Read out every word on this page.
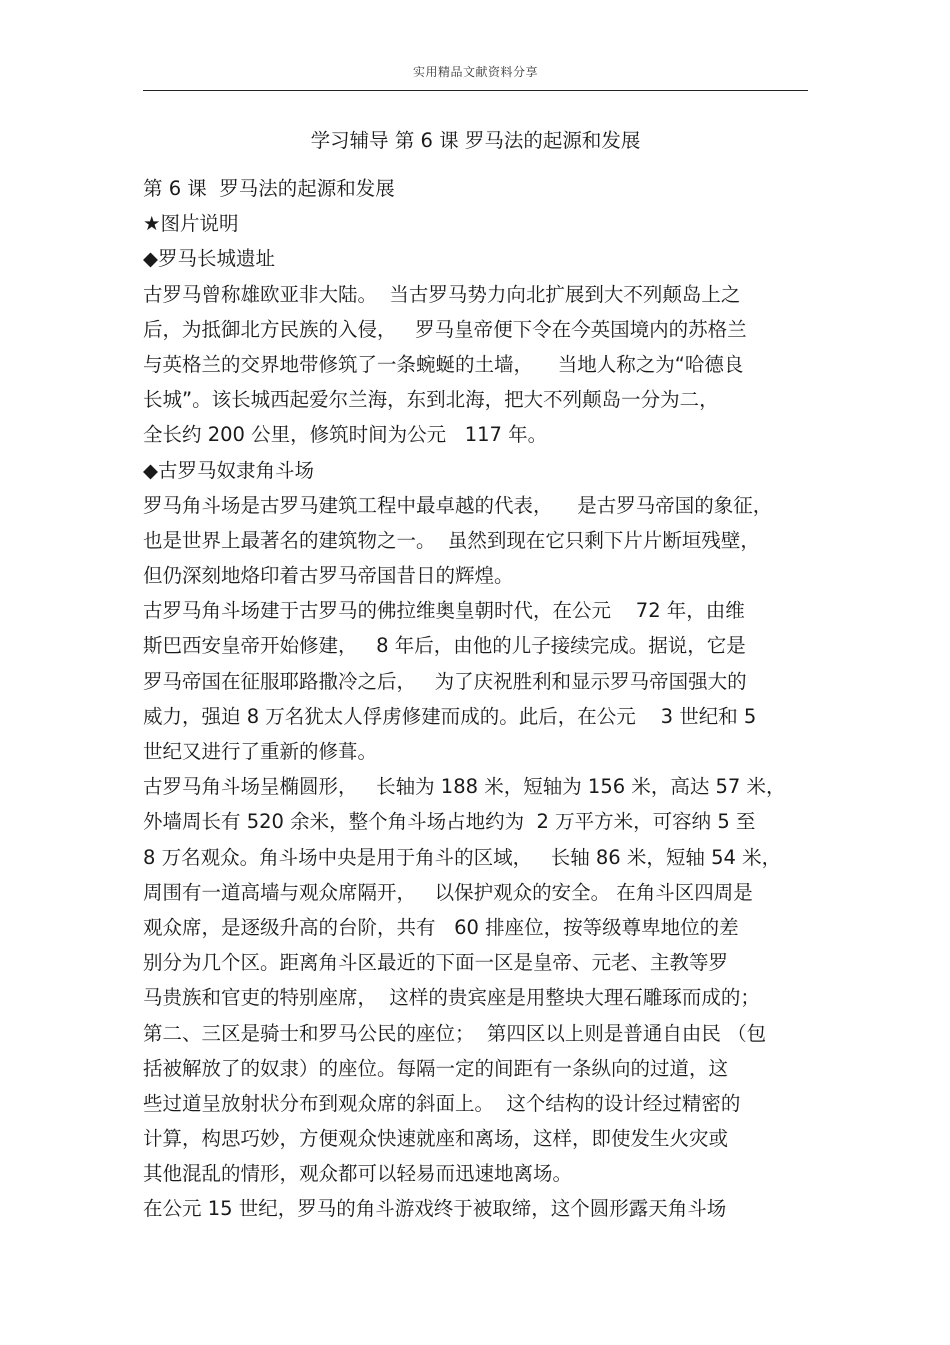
实用精品文献资料分享
学习辅导 第 6 课 罗马法的起源和发展
第 6 课  罗马法的起源和发展
★图片说明
◆罗马长城遗址
古罗马曾称雄欧亚非大陆。  当古罗马势力向北扩展到大不列颠岛上之
后，为抵御北方民族的入侵，   罗马皇帝便下令在今英国境内的苏格兰
与英格兰的交界地带修筑了一条蜿蜒的土墙，    当地人称之为“哈德良
长城”。该长城西起爱尔兰海，东到北海，把大不列颠岛一分为二，
全长约 200 公里，修筑时间为公元   117 年。
◆古罗马奴隶角斗场
罗马角斗场是古罗马建筑工程中最卓越的代表，    是古罗马帝国的象征，
也是世界上最著名的建筑物之一。  虽然到现在它只剩下片片断垣残壁，
但仍深刻地烙印着古罗马帝国昔日的辉煌。
古罗马角斗场建于古罗马的佛拉维奥皇朝时代，在公元    72 年，由维
斯巴西安皇帝开始修建，   8 年后，由他的儿子接续完成。据说，它是
罗马帝国在征服耶路撒冷之后，   为了庆祝胜利和显示罗马帝国强大的
威力，强迫 8 万名犹太人俘虏修建而成的。此后，在公元    3 世纪和 5
世纪又进行了重新的修葺。
古罗马角斗场呈椭圆形，   长轴为 188 米，短轴为 156 米，高达 57 米，
外墙周长有 520 余米，整个角斗场占地约为  2 万平方米，可容纳 5 至
8 万名观众。角斗场中央是用于角斗的区域，   长轴 86 米，短轴 54 米，
周围有一道高墙与观众席隔开，   以保护观众的安全。 在角斗区四周是
观众席，是逐级升高的台阶，共有   60 排座位，按等级尊卑地位的差
别分为几个区。距离角斗区最近的下面一区是皇帝、元老、主教等罗
马贵族和官吏的特别座席，  这样的贵宾座是用整块大理石雕琢而成的；
第二、三区是骑士和罗马公民的座位；  第四区以上则是普通自由民 （包
括被解放了的奴隶）的座位。每隔一定的间距有一条纵向的过道，这
些过道呈放射状分布到观众席的斜面上。  这个结构的设计经过精密的
计算，构思巧妙，方便观众快速就座和离场，这样，即使发生火灾或
其他混乱的情形，观众都可以轻易而迅速地离场。
在公元 15 世纪，罗马的角斗游戏终于被取缔，这个圆形露天角斗场
